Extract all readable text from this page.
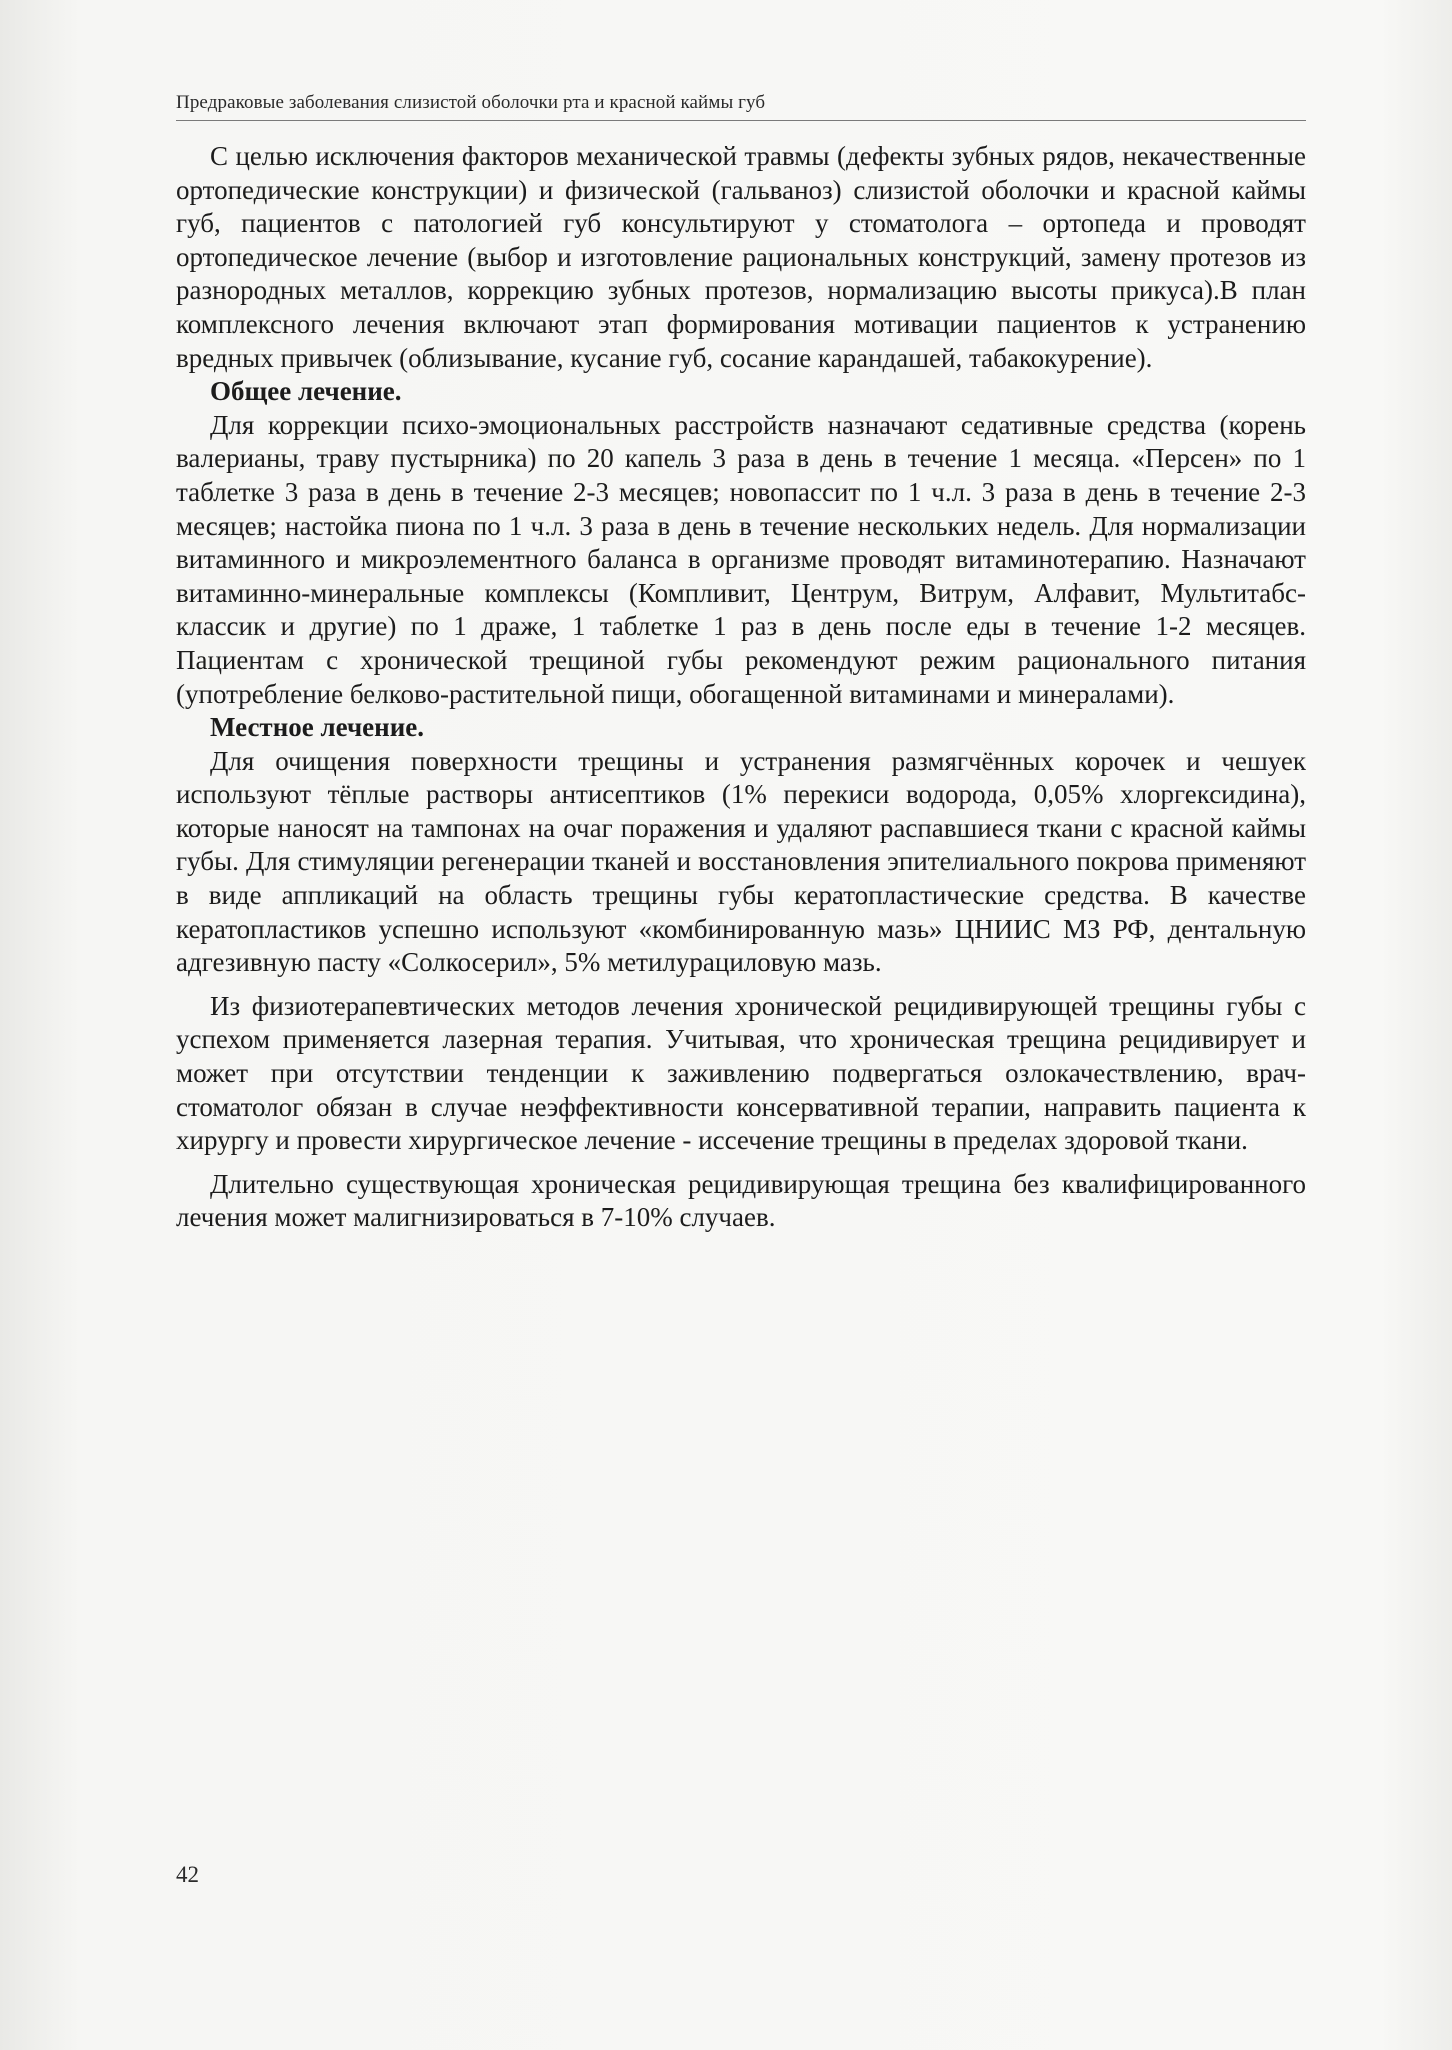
Предраковые заболевания слизистой оболочки рта и красной каймы губ

С целью исключения факторов механической травмы (дефекты зубных рядов, некачественные ортопедические конструкции) и физической (гальваноз) слизистой оболочки и красной каймы губ, пациентов с патологией губ консультируют у стоматолога – ортопеда и проводят ортопедическое лечение (выбор и изготовление рациональных конструкций, замену протезов из разнородных металлов, коррекцию зубных протезов, нормализацию высоты прикуса).В план комплексного лечения включают этап формирования мотивации пациентов к устранению вредных привычек (облизывание, кусание губ, сосание карандашей, табакокурение).

Общее лечение.

Для коррекции психо-эмоциональных расстройств назначают седативные средства (корень валерианы, траву пустырника) по 20 капель 3 раза в день в течение 1 месяца. «Персен» по 1 таблетке 3 раза в день в течение 2-3 месяцев; новопассит по 1 ч.л. 3 раза в день в течение 2-3 месяцев; настойка пиона по 1 ч.л. 3 раза в день в течение нескольких недель. Для нормализации витаминного и микроэлементного баланса в организме проводят витаминотерапию. Назначают витаминно-минеральные комплексы (Компливит, Центрум, Витрум, Алфавит, Мультитабс-классик и другие) по 1 драже, 1 таблетке 1 раз в день после еды в течение 1-2 месяцев. Пациентам с хронической трещиной губы рекомендуют режим рационального питания (употребление белково-растительной пищи, обогащенной витаминами и минералами).

Местное лечение.

Для очищения поверхности трещины и устранения размягчённых корочек и чешуек используют тёплые растворы антисептиков (1% перекиси водорода, 0,05% хлоргексидина), которые наносят на тампонах на очаг поражения и удаляют распавшиеся ткани с красной каймы губы. Для стимуляции регенерации тканей и восстановления эпителиального покрова применяют в виде аппликаций на область трещины губы кератопластические средства. В качестве кератопластиков успешно используют «комбинированную мазь» ЦНИИС МЗ РФ, дентальную адгезивную пасту «Солкосерил», 5% метилурациловую мазь.

Из физиотерапевтических методов лечения хронической рецидивирующей трещины губы с успехом применяется лазерная терапия. Учитывая, что хроническая трещина рецидивирует и может при отсутствии тенденции к заживлению подвергаться озлокачествлению, врач- стоматолог обязан в случае неэффективности консервативной терапии, направить пациента к хирургу и провести хирургическое лечение - иссечение трещины в пределах здоровой ткани.

Длительно существующая хроническая рецидивирующая трещина без квалифицированного лечения может малигнизироваться в 7-10% случаев.

42
